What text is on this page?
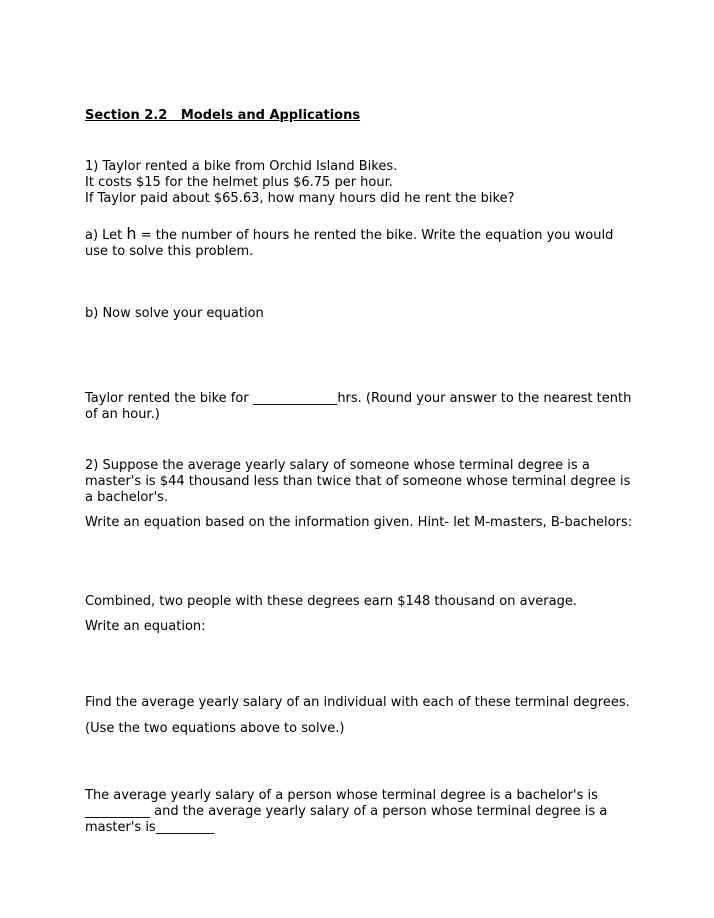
Section 2.2   Models and Applications
1) Taylor rented a bike from Orchid Island Bikes.
It costs $15 for the helmet plus $6.75 per hour.
If Taylor paid about $65.63, how many hours did he rent the bike?
a) Let h = the number of hours he rented the bike. Write the equation you would
use to solve this problem.
b) Now solve your equation
Taylor rented the bike for _____________hrs. (Round your answer to the nearest tenth
of an hour.)
2) Suppose the average yearly salary of someone whose terminal degree is a
master's is $44 thousand less than twice that of someone whose terminal degree is
a bachelor's.
Write an equation based on the information given. Hint- let M-masters, B-bachelors:
Combined, two people with these degrees earn $148 thousand on average.
Write an equation:
Find the average yearly salary of an individual with each of these terminal degrees.
(Use the two equations above to solve.)
The average yearly salary of a person whose terminal degree is a bachelor's is
__________ and the average yearly salary of a person whose terminal degree is a
master's is_________
